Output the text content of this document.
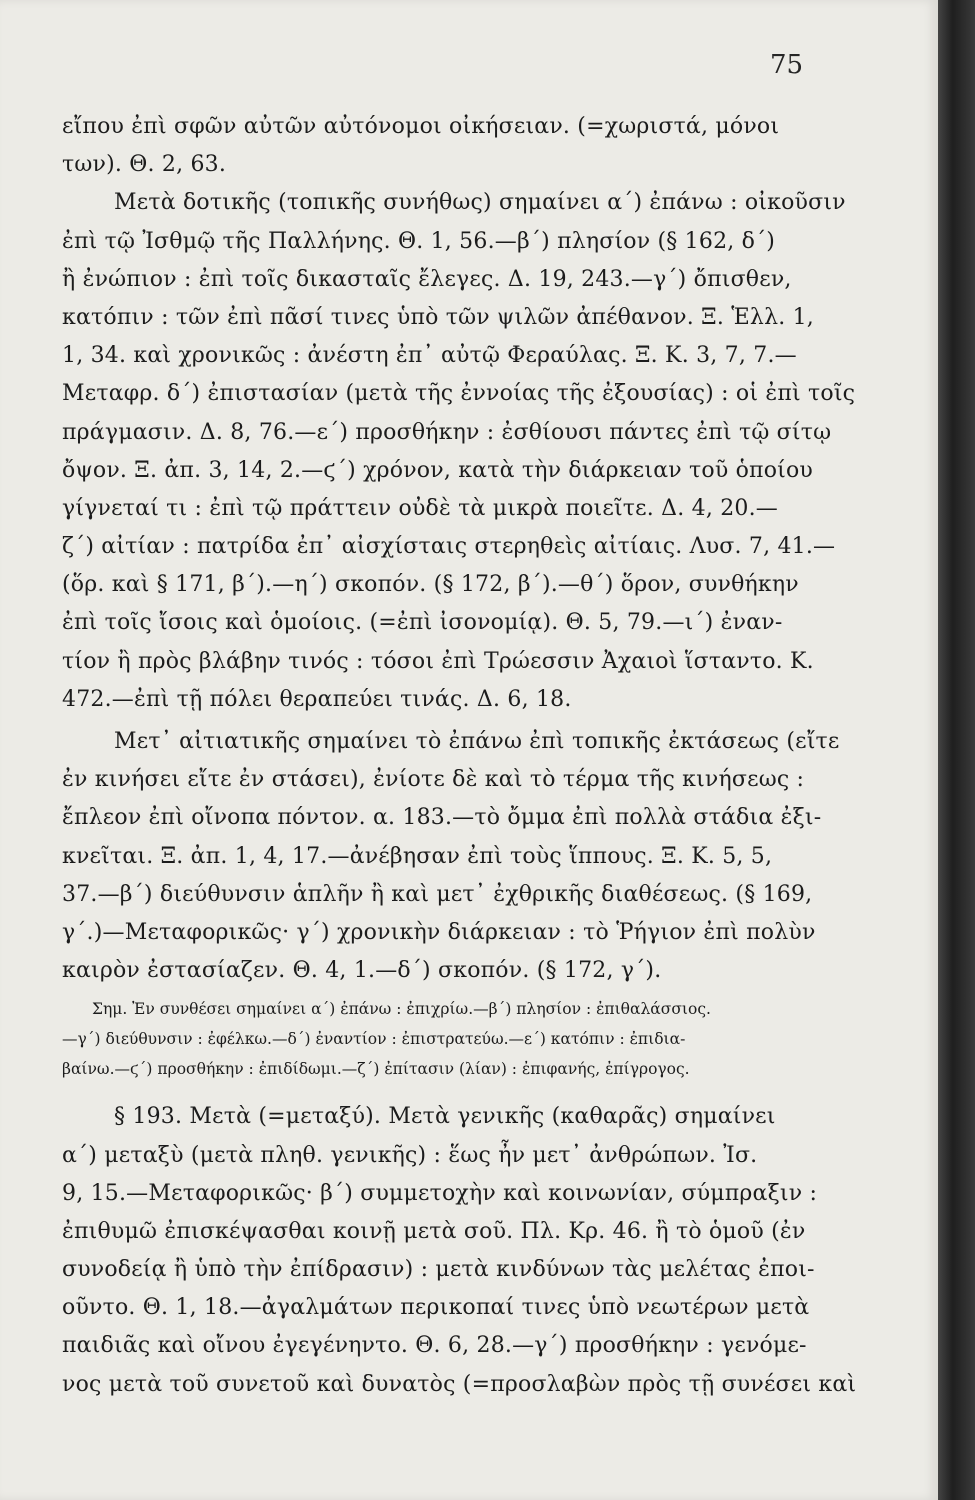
75
εἴπου ἐπὶ σφῶν αὐτῶν αὐτόνομοι οἰκήσειαν. (=χωριστά, μόνοι
των). Θ. 2, 63.
Μετὰ δοτικῆς (τοπικῆς συνήθως) σημαίνει α΄) ἐπάνω : οἰκοῦσιν
ἐπὶ τῷ Ἰσθμῷ τῆς Παλλήνης. Θ. 1, 56.—β΄) πλησίον (§ 162, δ΄)
ἢ ἐνώπιον : ἐπὶ τοῖς δικασταῖς ἔλεγες. Δ. 19, 243.—γ΄) ὄπισθεν,
κατόπιν : τῶν ἐπὶ πᾶσί τινες ὑπὸ τῶν ψιλῶν ἀπέθανον. Ξ. Ἑλλ. 1,
1, 34. καὶ χρονικῶς : ἀνέστη ἐπ᾿ αὐτῷ Φεραύλας. Ξ. Κ. 3, 7, 7.—
Μεταφρ. δ΄) ἐπιστασίαν (μετὰ τῆς ἐννοίας τῆς ἐξουσίας) : οἱ ἐπὶ τοῖς
πράγμασιν. Δ. 8, 76.—ε΄) προσθήκην : ἐσθίουσι πάντες ἐπὶ τῷ σίτῳ
ὄψον. Ξ. ἀπ. 3, 14, 2.—ϛ΄) χρόνον, κατὰ τὴν διάρκειαν τοῦ ὁποίου
γίγνεταί τι : ἐπὶ τῷ πράττειν οὐδὲ τὰ μικρὰ ποιεῖτε. Δ. 4, 20.—
ζ΄) αἰτίαν : πατρίδα ἐπ᾿ αἰσχίσταις στερηθεὶς αἰτίαις. Λυσ. 7, 41.—
(ὅρ. καὶ § 171, β΄).—η΄) σκοπόν. (§ 172, β΄).—θ΄) ὅρον, συνθήκην
ἐπὶ τοῖς ἴσοις καὶ ὁμοίοις. (=ἐπὶ ἰσονομίᾳ). Θ. 5, 79.—ι΄) ἐναν-
τίον ἢ πρὸς βλάβην τινός : τόσοι ἐπὶ Τρώεσσιν Ἀχαιοὶ ἵσταντο. Κ.
472.—ἐπὶ τῇ πόλει θεραπεύει τινάς. Δ. 6, 18.
Μετ᾿ αἰτιατικῆς σημαίνει τὸ ἐπάνω ἐπὶ τοπικῆς ἐκτάσεως (εἴτε
ἐν κινήσει εἴτε ἐν στάσει), ἐνίοτε δὲ καὶ τὸ τέρμα τῆς κινήσεως :
ἔπλεον ἐπὶ οἴνοπα πόντον. α. 183.—τὸ ὄμμα ἐπὶ πολλὰ στάδια ἐξι-
κνεῖται. Ξ. ἀπ. 1, 4, 17.—ἀνέβησαν ἐπὶ τοὺς ἵππους. Ξ. Κ. 5, 5,
37.—β΄) διεύθυνσιν ἁπλῆν ἢ καὶ μετ᾿ ἐχθρικῆς διαθέσεως. (§ 169,
γ΄.)—Μεταφορικῶς· γ΄) χρονικὴν διάρκειαν : τὸ Ῥήγιον ἐπὶ πολὺν
καιρὸν ἐστασίαζεν. Θ. 4, 1.—δ΄) σκοπόν. (§ 172, γ΄).
Σημ. Ἐν συνθέσει σημαίνει α΄) ἐπάνω : ἐπιχρίω.—β΄) πλησίον : ἐπιθαλάσσιος.
—γ΄) διεύθυνσιν : ἐφέλκω.—δ΄) ἐναντίον : ἐπιστρατεύω.—ε΄) κατόπιν : ἐπιδια-
βαίνω.—ϛ΄) προσθήκην : ἐπιδίδωμι.—ζ΄) ἐπίτασιν (λίαν) : ἐπιφανής, ἐπίγρογος.
§ 193. Μετὰ (=μεταξύ). Μετὰ γενικῆς (καθαρᾶς) σημαίνει
α΄) μεταξὺ (μετὰ πληθ. γενικῆς) : ἕως ἦν μετ᾿ ἀνθρώπων. Ἰσ.
9, 15.—Μεταφορικῶς· β΄) συμμετοχὴν καὶ κοινωνίαν, σύμπραξιν :
ἐπιθυμῶ ἐπισκέψασθαι κοινῇ μετὰ σοῦ. Πλ. Κρ. 46. ἢ τὸ ὁμοῦ (ἐν
συνοδείᾳ ἢ ὑπὸ τὴν ἐπίδρασιν) : μετὰ κινδύνων τὰς μελέτας ἐποι-
οῦντο. Θ. 1, 18.—ἀγαλμάτων περικοπαί τινες ὑπὸ νεωτέρων μετὰ
παιδιᾶς καὶ οἴνου ἐγεγένηντο. Θ. 6, 28.—γ΄) προσθήκην : γενόμε-
νος μετὰ τοῦ συνετοῦ καὶ δυνατὸς (=προσλαβὼν πρὸς τῇ συνέσει καὶ
